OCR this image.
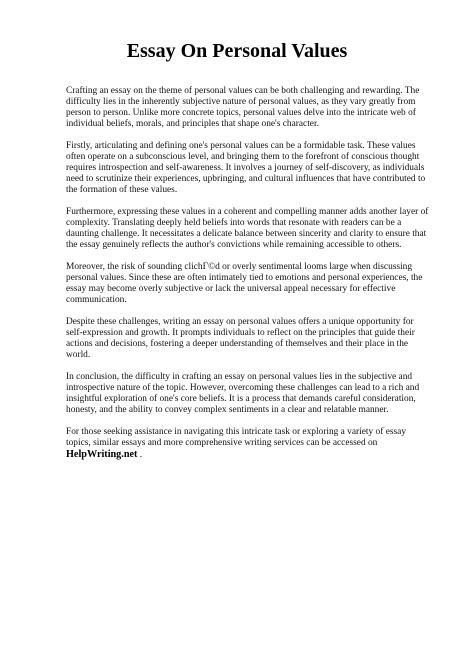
Essay On Personal Values

Crafting an essay on the theme of personal values can be both challenging and rewarding. The difficulty lies in the inherently subjective nature of personal values, as they vary greatly from person to person. Unlike more concrete topics, personal values delve into the intricate web of individual beliefs, morals, and principles that shape one's character.

Firstly, articulating and defining one's personal values can be a formidable task. These values often operate on a subconscious level, and bringing them to the forefront of conscious thought requires introspection and self-awareness. It involves a journey of self-discovery, as individuals need to scrutinize their experiences, upbringing, and cultural influences that have contributed to the formation of these values.

Furthermore, expressing these values in a coherent and compelling manner adds another layer of complexity. Translating deeply held beliefs into words that resonate with readers can be a daunting challenge. It necessitates a delicate balance between sincerity and clarity to ensure that the essay genuinely reflects the author's convictions while remaining accessible to others.

Moreover, the risk of sounding clichГ©d or overly sentimental looms large when discussing personal values. Since these are often intimately tied to emotions and personal experiences, the essay may become overly subjective or lack the universal appeal necessary for effective communication.

Despite these challenges, writing an essay on personal values offers a unique opportunity for self-expression and growth. It prompts individuals to reflect on the principles that guide their actions and decisions, fostering a deeper understanding of themselves and their place in the world.

In conclusion, the difficulty in crafting an essay on personal values lies in the subjective and introspective nature of the topic. However, overcoming these challenges can lead to a rich and insightful exploration of one's core beliefs. It is a process that demands careful consideration, honesty, and the ability to convey complex sentiments in a clear and relatable manner.

For those seeking assistance in navigating this intricate task or exploring a variety of essay topics, similar essays and more comprehensive writing services can be accessed on HelpWriting.net .
